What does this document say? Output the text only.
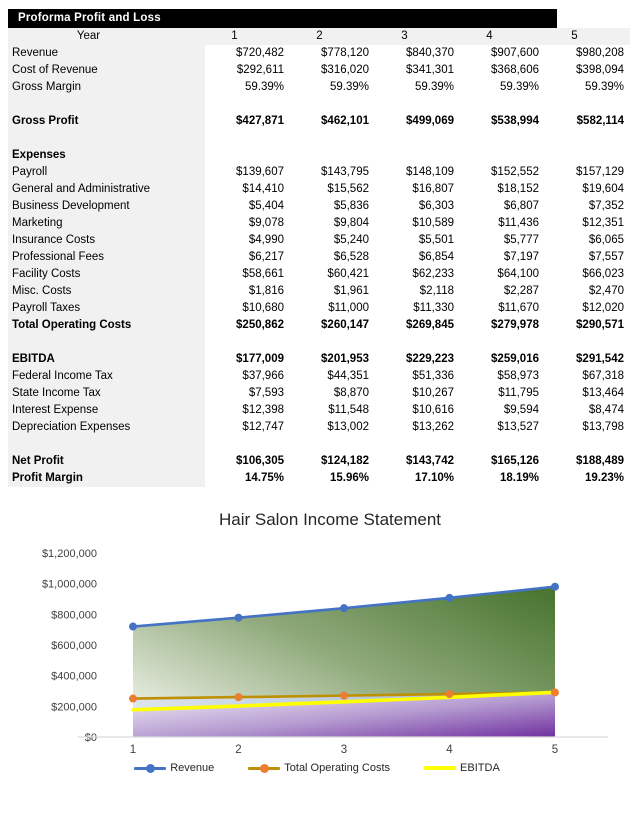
Proforma Profit and Loss
Year	1	2	3	4	5
Revenue	$720,482	$778,120	$840,370	$907,600	$980,208
Cost of Revenue	$292,611	$316,020	$341,301	$368,606	$398,094
Gross Margin	59.39%	59.39%	59.39%	59.39%	59.39%
Gross Profit	$427,871	$462,101	$499,069	$538,994	$582,114
Expenses
Payroll	$139,607	$143,795	$148,109	$152,552	$157,129
General and Administrative	$14,410	$15,562	$16,807	$18,152	$19,604
Business Development	$5,404	$5,836	$6,303	$6,807	$7,352
Marketing	$9,078	$9,804	$10,589	$11,436	$12,351
Insurance Costs	$4,990	$5,240	$5,501	$5,777	$6,065
Professional Fees	$6,217	$6,528	$6,854	$7,197	$7,557
Facility Costs	$58,661	$60,421	$62,233	$64,100	$66,023
Misc. Costs	$1,816	$1,961	$2,118	$2,287	$2,470
Payroll Taxes	$10,680	$11,000	$11,330	$11,670	$12,020
Total Operating Costs	$250,862	$260,147	$269,845	$279,978	$290,571
EBITDA	$177,009	$201,953	$229,223	$259,016	$291,542
Federal Income Tax	$37,966	$44,351	$51,336	$58,973	$67,318
State Income Tax	$7,593	$8,870	$10,267	$11,795	$13,464
Interest Expense	$12,398	$11,548	$10,616	$9,594	$8,474
Depreciation Expenses	$12,747	$13,002	$13,262	$13,527	$13,798
Net Profit	$106,305	$124,182	$143,742	$165,126	$188,489
Profit Margin	14.75%	15.96%	17.10%	18.19%	19.23%
Hair Salon Income Statement
$0
$200,000
$400,000
$600,000
$800,000
$1,000,000
$1,200,000
1	2	3	4	5
Revenue	Total Operating Costs	EBITDA
